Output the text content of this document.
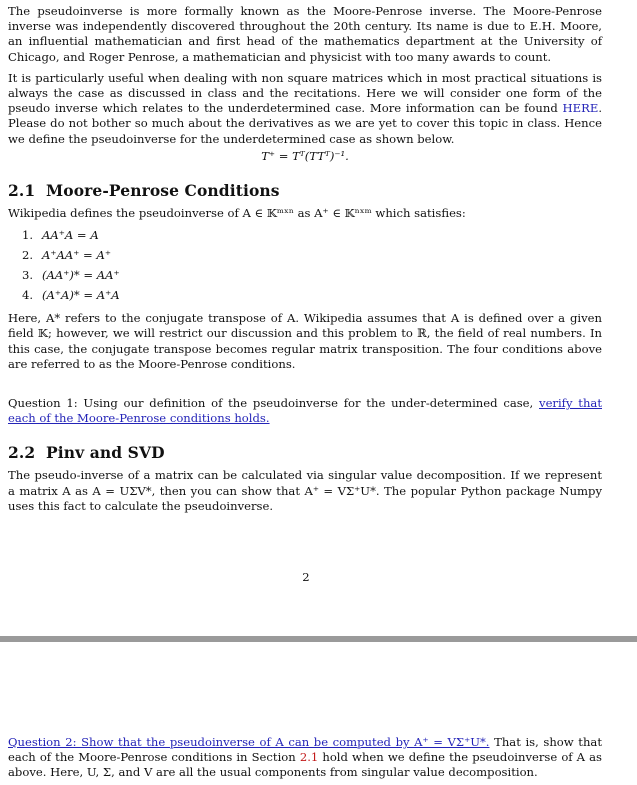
The pseudoinverse is more formally known as the Moore-Penrose inverse. The Moore-Penrose inverse was independently discovered throughout the 20th century. Its name is due to E.H. Moore, an influential mathematician and first head of the mathematics department at the University of Chicago, and Roger Penrose, a mathematician and physicist with too many awards to count.

It is particularly useful when dealing with non square matrices which in most practical situations is always the case as discussed in class and the recitations. Here we will consider one form of the pseudo inverse which relates to the underdetermined case. More information can be found HERE. Please do not bother so much about the derivatives as we are yet to cover this topic in class. Hence we define the pseudoinverse for the underdetermined case as shown below.

T⁺ = Tᵀ(TTᵀ)⁻¹.
2.1 Moore-Penrose Conditions

Wikipedia defines the pseudoinverse of A ∈ 𝕂ᵐˣⁿ as A⁺ ∈ 𝕂ⁿˣᵐ which satisfies:

1. AA⁺A = A
2. A⁺AA⁺ = A⁺
3. (AA⁺)* = AA⁺
4. (A⁺A)* = A⁺A

Here, A* refers to the conjugate transpose of A. Wikipedia assumes that A is defined over a given field 𝕂; however, we will restrict our discussion and this problem to ℝ, the field of real numbers. In this case, the conjugate transpose becomes regular matrix transposition. The four conditions above are referred to as the Moore-Penrose conditions.

Question 1: Using our definition of the pseudoinverse for the under-determined case, verify that each of the Moore-Penrose conditions holds.

2.2 Pinv and SVD

The pseudo-inverse of a matrix can be calculated via singular value decomposition. If we represent a matrix A as A = UΣV*, then you can show that A⁺ = VΣ⁺U*. The popular Python package Numpy uses this fact to calculate the pseudoinverse.

2

Question 2: Show that the pseudoinverse of A can be computed by A⁺ = VΣ⁺U*. That is, show that each of the Moore-Penrose conditions in Section 2.1 hold when we define the pseudoinverse of A as above. Here, U, Σ, and V are all the usual components from singular value decomposition.
